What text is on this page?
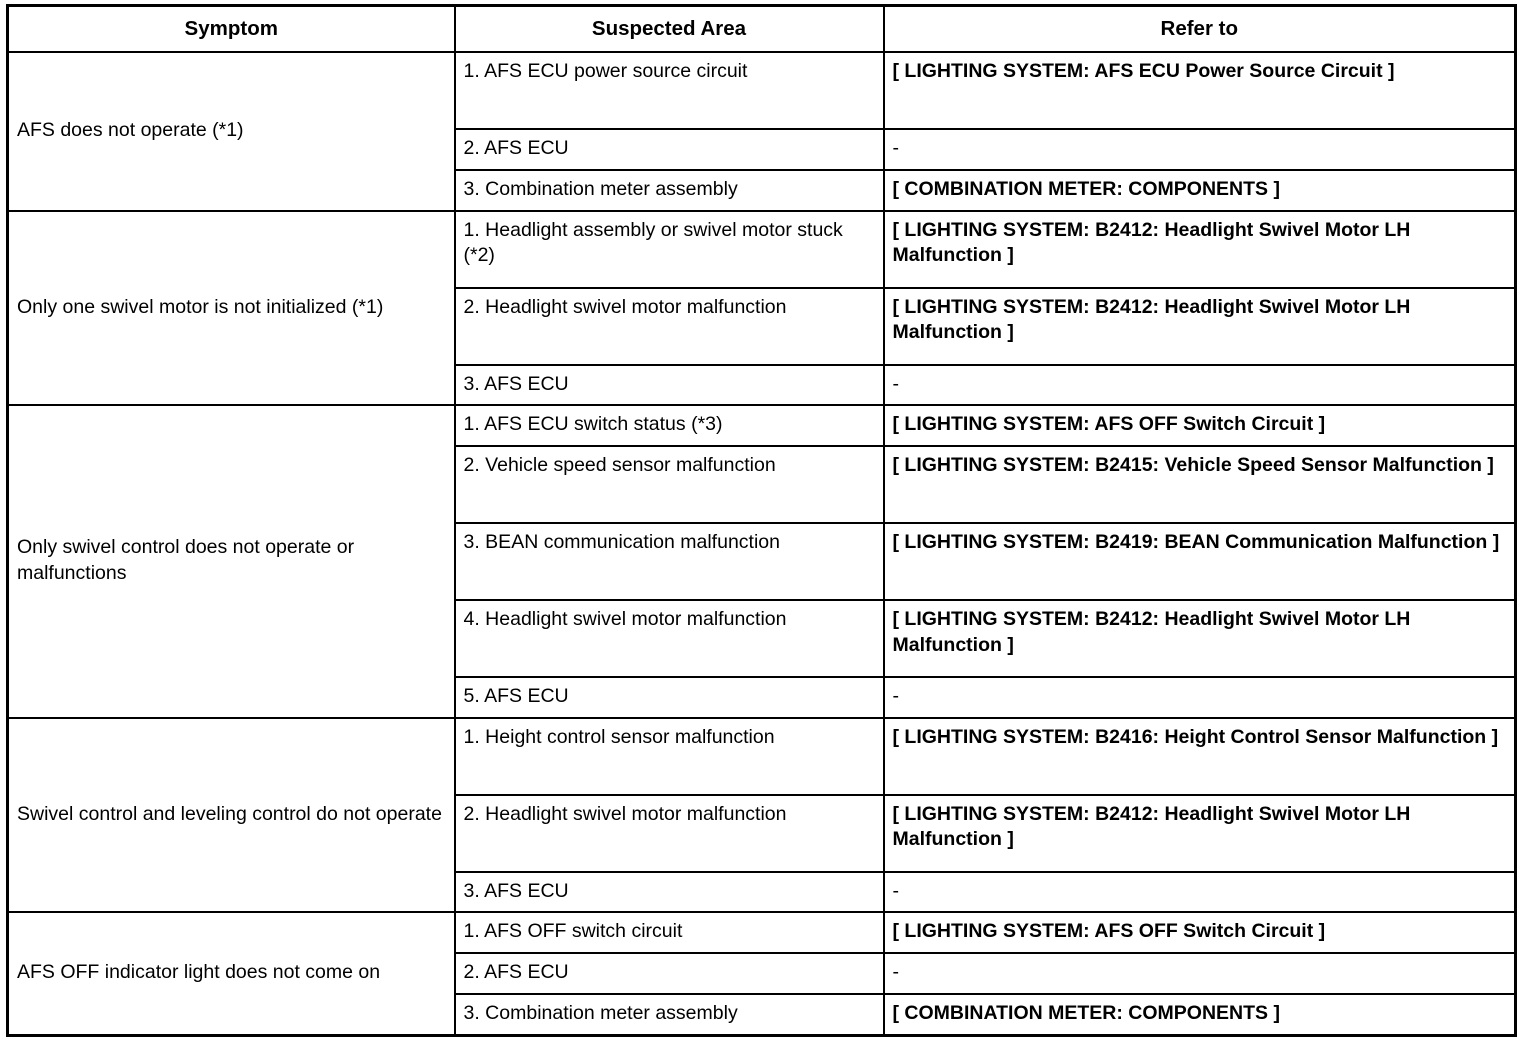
Symptom	Suspected Area	Refer to
AFS does not operate (*1)	1. AFS ECU power source circuit	[ LIGHTING SYSTEM: AFS ECU Power Source Circuit ]
	2. AFS ECU	-
	3. Combination meter assembly	[ COMBINATION METER: COMPONENTS ]
Only one swivel motor is not initialized (*1)	1. Headlight assembly or swivel motor stuck (*2)	[ LIGHTING SYSTEM: B2412: Headlight Swivel Motor LH Malfunction ]
	2. Headlight swivel motor malfunction	[ LIGHTING SYSTEM: B2412: Headlight Swivel Motor LH Malfunction ]
	3. AFS ECU	-
Only swivel control does not operate or malfunctions	1. AFS ECU switch status (*3)	[ LIGHTING SYSTEM: AFS OFF Switch Circuit ]
	2. Vehicle speed sensor malfunction	[ LIGHTING SYSTEM: B2415: Vehicle Speed Sensor Malfunction ]
	3. BEAN communication malfunction	[ LIGHTING SYSTEM: B2419: BEAN Communication Malfunction ]
	4. Headlight swivel motor malfunction	[ LIGHTING SYSTEM: B2412: Headlight Swivel Motor LH Malfunction ]
	5. AFS ECU	-
Swivel control and leveling control do not operate	1. Height control sensor malfunction	[ LIGHTING SYSTEM: B2416: Height Control Sensor Malfunction ]
	2. Headlight swivel motor malfunction	[ LIGHTING SYSTEM: B2412: Headlight Swivel Motor LH Malfunction ]
	3. AFS ECU	-
AFS OFF indicator light does not come on	1. AFS OFF switch circuit	[ LIGHTING SYSTEM: AFS OFF Switch Circuit ]
	2. AFS ECU	-
	3. Combination meter assembly	[ COMBINATION METER: COMPONENTS ]
